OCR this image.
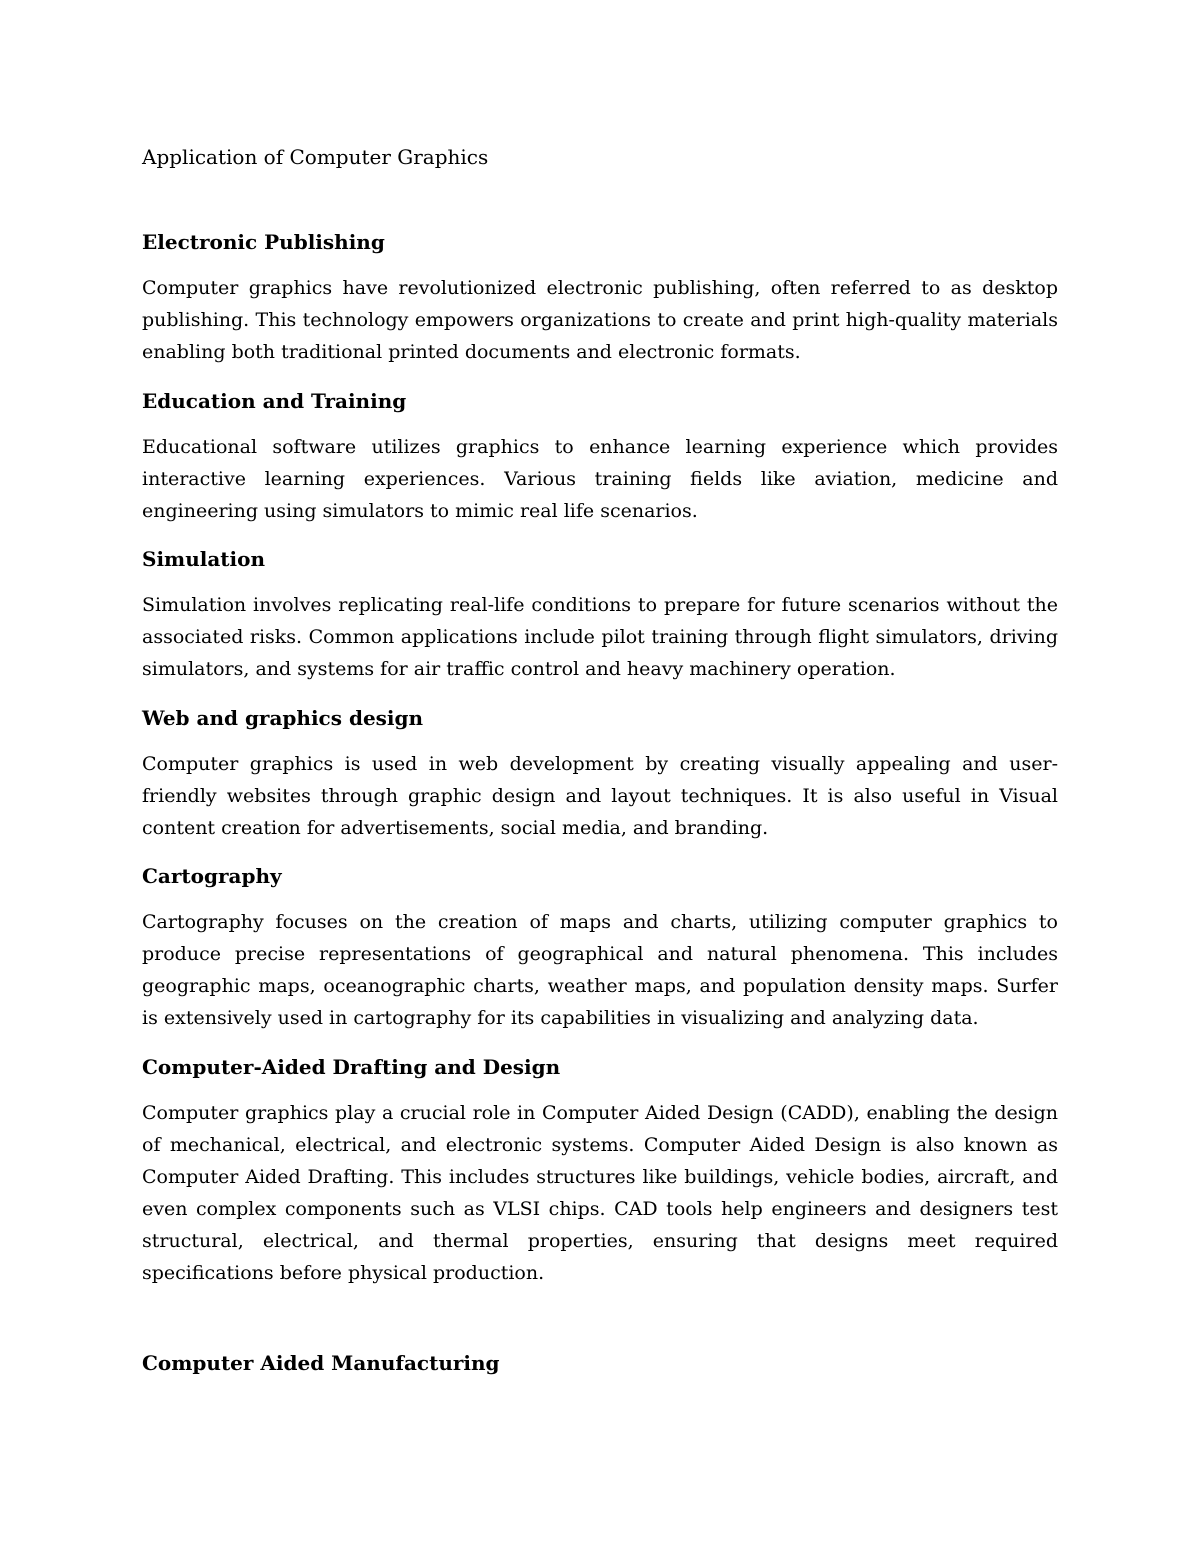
Application of Computer Graphics
Electronic Publishing

Computer graphics have revolutionized electronic publishing, often referred to as desktop publishing. This technology empowers organizations to create and print high-quality materials enabling both traditional printed documents and electronic formats.

Education and Training

Educational software utilizes graphics to enhance learning experience which provides interactive learning experiences. Various training fields like aviation, medicine and engineering using simulators to mimic real life scenarios.

Simulation

Simulation involves replicating real-life conditions to prepare for future scenarios without the associated risks. Common applications include pilot training through flight simulators, driving simulators, and systems for air traffic control and heavy machinery operation.

Web and graphics design

Computer graphics is used in web development by creating visually appealing and user-friendly websites through graphic design and layout techniques. It is also useful in Visual content creation for advertisements, social media, and branding.

Cartography

Cartography focuses on the creation of maps and charts, utilizing computer graphics to produce precise representations of geographical and natural phenomena. This includes geographic maps, oceanographic charts, weather maps, and population density maps. Surfer is extensively used in cartography for its capabilities in visualizing and analyzing data.

Computer-Aided Drafting and Design

Computer graphics play a crucial role in Computer Aided Design (CADD), enabling the design of mechanical, electrical, and electronic systems. Computer Aided Design is also known as Computer Aided Drafting. This includes structures like buildings, vehicle bodies, aircraft, and even complex components such as VLSI chips. CAD tools help engineers and designers test structural, electrical, and thermal properties, ensuring that designs meet required specifications before physical production.

Computer Aided Manufacturing
